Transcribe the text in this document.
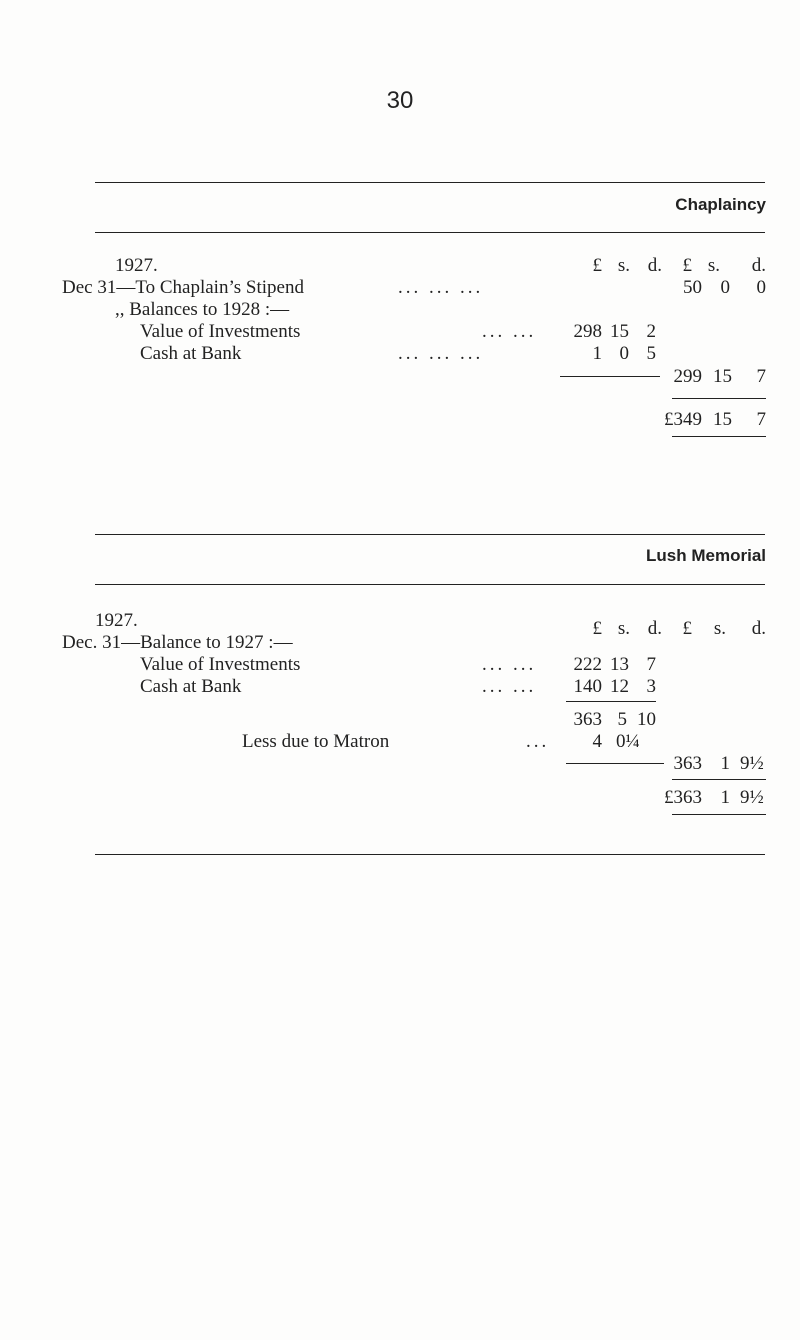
30
Chaplaincy
1927.	£ s. d.	£ s.	d.
Dec 31—To Chaplain’s Stipend	... ... ...	50 0	0
,, Balances to 1928 :—
Value of Investments	... ...	298 15 2
Cash at Bank	... ... ...	1 0 5
299 15	7
£349 15	7
Lush Memorial
1927.	£ s. d.	£	s.	d.
Dec. 31—Balance to 1927 :—
Value of Investments	... ...	222 13 7
Cash at Bank	... ...	140 12 3
363 5 10
Less due to Matron	...	4 0¼
363 1 9½
£363 1 9½
